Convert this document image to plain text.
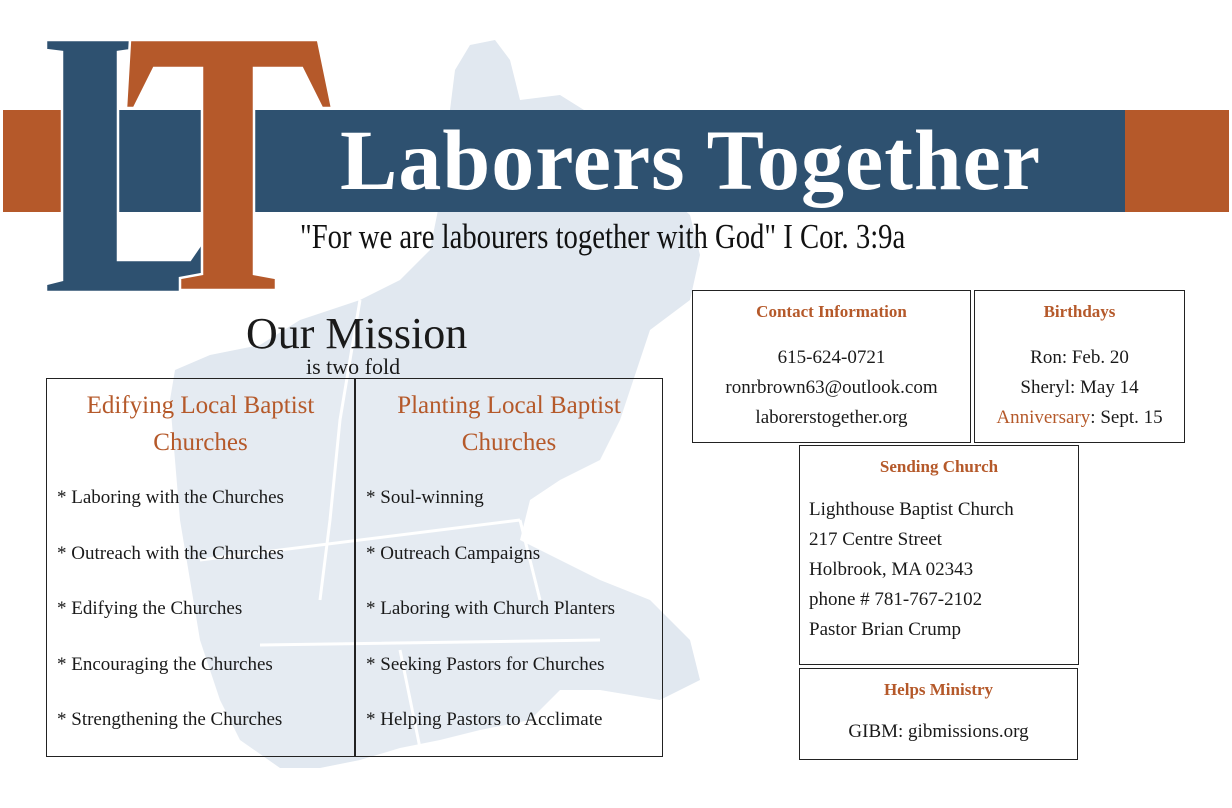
Laborers Together
"For we are labourers together with God" I Cor. 3:9a
Our Mission
is two fold
Edifying Local Baptist Churches
* Laboring with the Churches
* Outreach with the Churches
* Edifying the Churches
* Encouraging the Churches
* Strengthening the Churches
Planting Local Baptist Churches
* Soul-winning
* Outreach Campaigns
* Laboring with Church Planters
* Seeking Pastors for Churches
* Helping Pastors to Acclimate
Contact Information
615-624-0721
ronrbrown63@outlook.com
laborerstogether.org
Birthdays
Ron: Feb. 20
Sheryl: May 14
Anniversary: Sept. 15
Sending Church
Lighthouse Baptist Church
217 Centre Street
Holbrook, MA 02343
phone # 781-767-2102
Pastor Brian Crump
Helps Ministry
GIBM: gibmissions.org
